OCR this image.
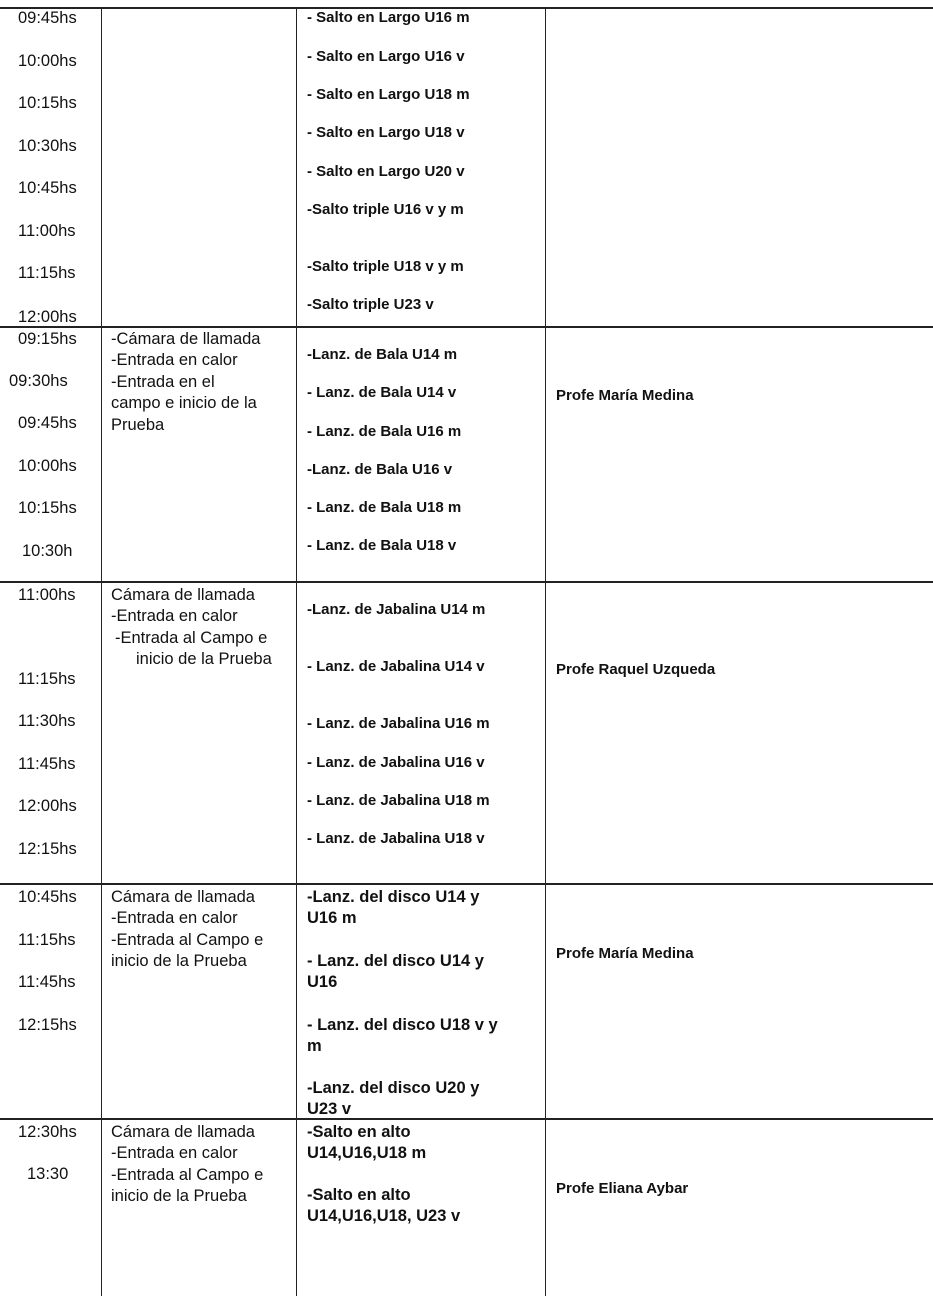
09:45hs
10:00hs
10:15hs
10:30hs
10:45hs
11:00hs
11:15hs
12:00hs
- Salto en Largo U16 m
- Salto en Largo U16 v
- Salto en Largo U18 m
- Salto en Largo U18 v
- Salto en Largo U20 v
-Salto triple U16 v y m
-Salto triple U18 v y m
-Salto triple U23 v
09:15hs
09:30hs
09:45hs
10:00hs
10:15hs
10:30h
-Cámara de llamada
-Entrada en calor
-Entrada en el
campo e inicio de la
Prueba
-Lanz. de Bala U14 m
- Lanz. de Bala U14 v
- Lanz. de Bala U16 m
-Lanz. de Bala U16 v
- Lanz. de Bala U18 m
- Lanz. de Bala U18 v
Profe María Medina
11:00hs
11:15hs
11:30hs
11:45hs
12:00hs
12:15hs
Cámara de llamada
-Entrada en calor
-Entrada al Campo e
inicio de la Prueba
-Lanz. de Jabalina U14 m
- Lanz. de Jabalina U14 v
- Lanz. de Jabalina U16 m
- Lanz. de Jabalina U16 v
- Lanz. de Jabalina U18 m
- Lanz. de Jabalina U18 v
Profe Raquel Uzqueda
10:45hs
11:15hs
11:45hs
12:15hs
Cámara de llamada
-Entrada en calor
-Entrada al Campo e
inicio de la Prueba
-Lanz. del disco U14 y
U16 m
- Lanz. del disco U14 y
U16
- Lanz. del disco U18 v y
m
-Lanz. del disco U20 y
U23 v
Profe María Medina
12:30hs
13:30
Cámara de llamada
-Entrada en calor
-Entrada al Campo e
inicio de la Prueba
-Salto en alto
U14,U16,U18 m
-Salto en alto
U14,U16,U18, U23 v
Profe Eliana Aybar
